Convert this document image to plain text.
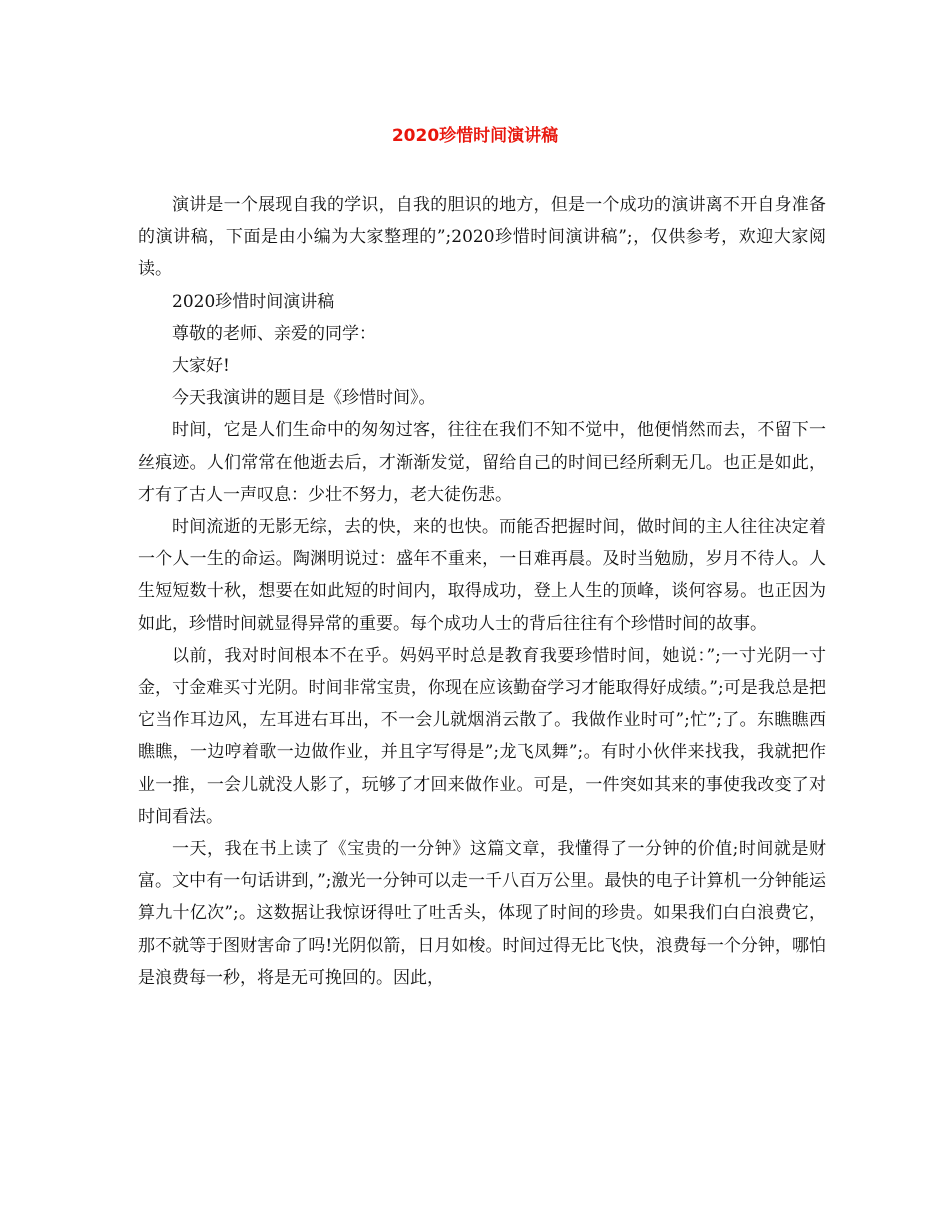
2020珍惜时间演讲稿

演讲是一个展现自我的学识，自我的胆识的地方，但是一个成功的演讲离不开自身准备的演讲稿，下面是由小编为大家整理的”;2020珍惜时间演讲稿”;，仅供参考，欢迎大家阅读。

2020珍惜时间演讲稿

尊敬的老师、亲爱的同学：

大家好!

今天我演讲的题目是《珍惜时间》。

时间，它是人们生命中的匆匆过客，往往在我们不知不觉中，他便悄然而去，不留下一丝痕迹。人们常常在他逝去后，才渐渐发觉，留给自己的时间已经所剩无几。也正是如此，才有了古人一声叹息：少壮不努力，老大徒伤悲。

时间流逝的无影无综，去的快，来的也快。而能否把握时间，做时间的主人往往决定着一个人一生的命运。陶渊明说过：盛年不重来，一日难再晨。及时当勉励，岁月不待人。人生短短数十秋，想要在如此短的时间内，取得成功，登上人生的顶峰，谈何容易。也正因为如此，珍惜时间就显得异常的重要。每个成功人士的背后往往有个珍惜时间的故事。

以前，我对时间根本不在乎。妈妈平时总是教育我要珍惜时间，她说：”;一寸光阴一寸金，寸金难买寸光阴。时间非常宝贵，你现在应该勤奋学习才能取得好成绩。”;可是我总是把它当作耳边风，左耳进右耳出，不一会儿就烟消云散了。我做作业时可”;忙”;了。东瞧瞧西瞧瞧，一边哼着歌一边做作业，并且字写得是”;龙飞凤舞”;。有时小伙伴来找我，我就把作业一推，一会儿就没人影了，玩够了才回来做作业。可是，一件突如其来的事使我改变了对时间看法。

一天，我在书上读了《宝贵的一分钟》这篇文章，我懂得了一分钟的价值;时间就是财富。文中有一句话讲到，”;激光一分钟可以走一千八百万公里。最快的电子计算机一分钟能运算九十亿次”;。这数据让我惊讶得吐了吐舌头，体现了时间的珍贵。如果我们白白浪费它，那不就等于图财害命了吗!光阴似箭，日月如梭。时间过得无比飞快，浪费每一个分钟，哪怕是浪费每一秒，将是无可挽回的。因此，
